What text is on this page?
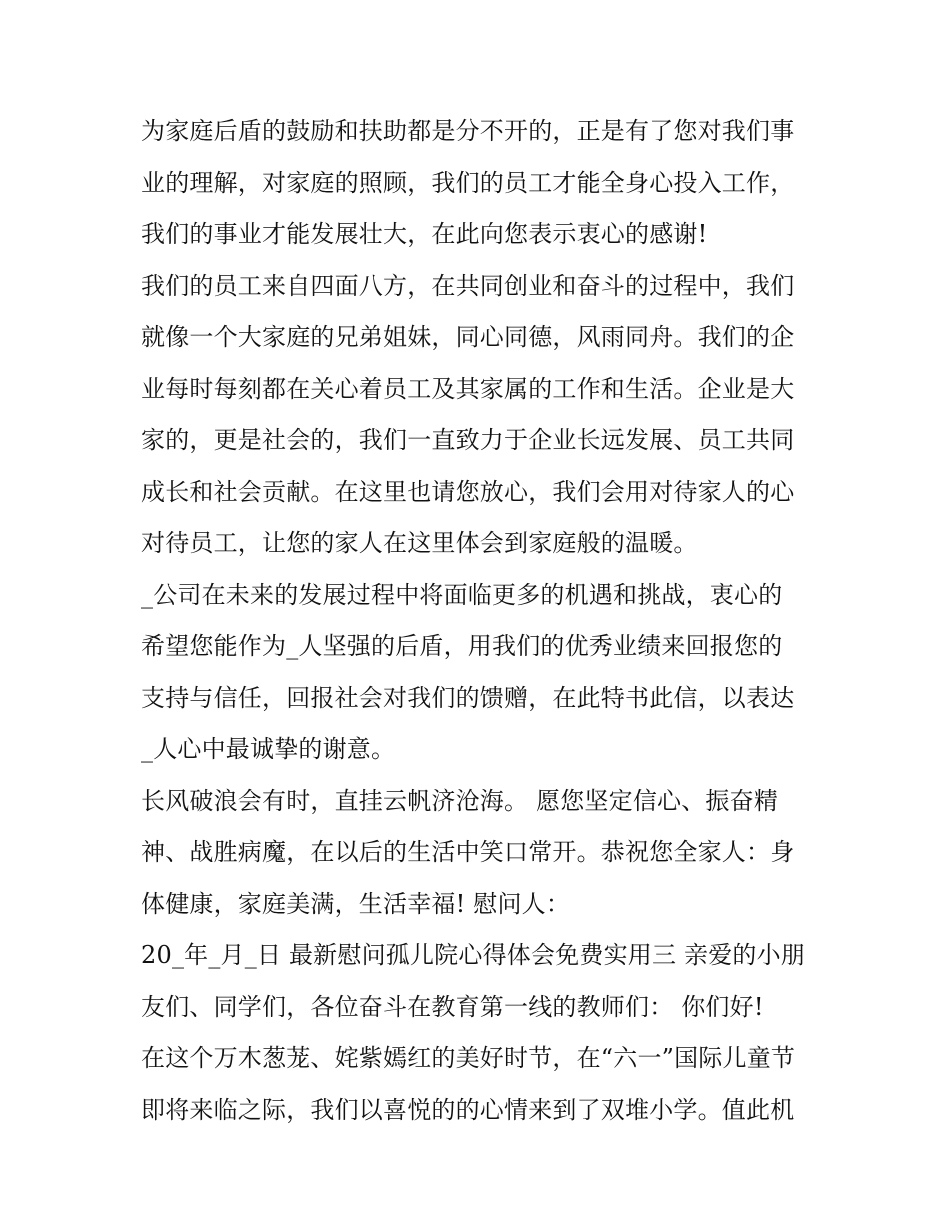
为家庭后盾的鼓励和扶助都是分不开的，正是有了您对我们事
业的理解，对家庭的照顾，我们的员工才能全身心投入工作，
我们的事业才能发展壮大，在此向您表示衷心的感谢!
我们的员工来自四面八方，在共同创业和奋斗的过程中，我们
就像一个大家庭的兄弟姐妹，同心同德，风雨同舟。我们的企
业每时每刻都在关心着员工及其家属的工作和生活。企业是大
家的，更是社会的，我们一直致力于企业长远发展、员工共同
成长和社会贡献。在这里也请您放心，我们会用对待家人的心
对待员工，让您的家人在这里体会到家庭般的温暖。
_公司在未来的发展过程中将面临更多的机遇和挑战，衷心的
希望您能作为_人坚强的后盾，用我们的优秀业绩来回报您的
支持与信任，回报社会对我们的馈赠，在此特书此信，以表达
_人心中最诚挚的谢意。
长风破浪会有时，直挂云帆济沧海。 愿您坚定信心、振奋精
神、战胜病魔，在以后的生活中笑口常开。恭祝您全家人：身
体健康，家庭美满，生活幸福! 慰问人：
20_年_月_日 最新慰问孤儿院心得体会免费实用三 亲爱的小朋
友们、同学们，各位奋斗在教育第一线的教师们： 你们好!
在这个万木葱茏、姹紫嫣红的美好时节，在“六一”国际儿童节
即将来临之际，我们以喜悦的的心情来到了双堆小学。值此机
